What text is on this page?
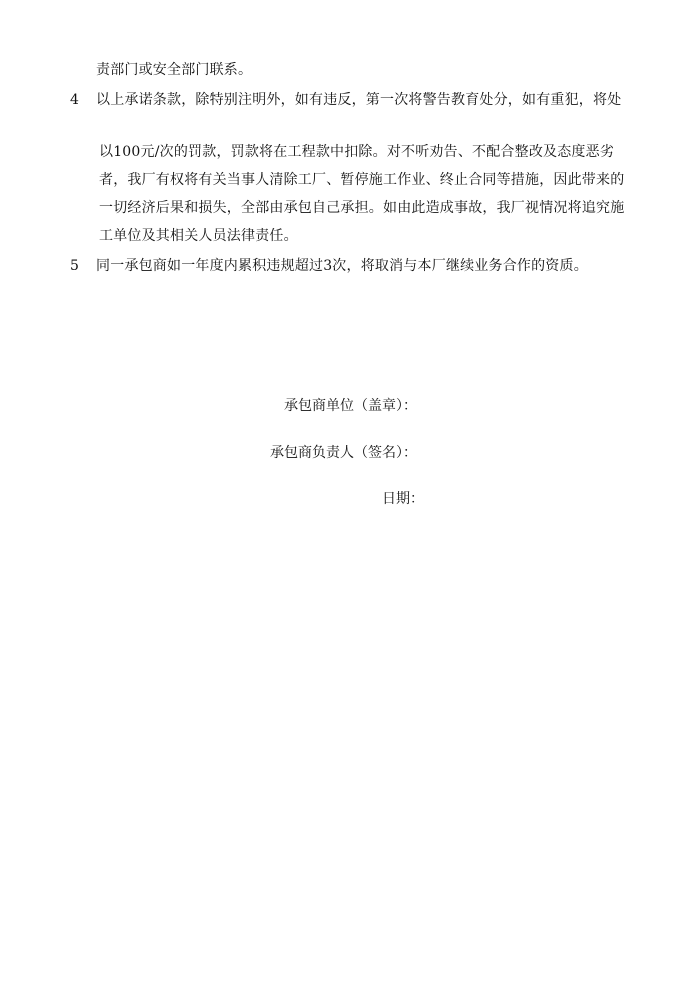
责部门或安全部门联系。
4 以上承诺条款，除特别注明外，如有违反，第一次将警告教育处分，如有重犯，将处
以100元/次的罚款，罚款将在工程款中扣除。对不听劝告、不配合整改及态度恶劣
者，我厂有权将有关当事人清除工厂、暂停施工作业、终止合同等措施，因此带来的
一切经济后果和损失，全部由承包自己承担。如由此造成事故，我厂视情况将追究施
工单位及其相关人员法律责任。
5 同一承包商如一年度内累积违规超过3次，将取消与本厂继续业务合作的资质。
承包商单位（盖章）：
承包商负责人（签名）：
日期：
